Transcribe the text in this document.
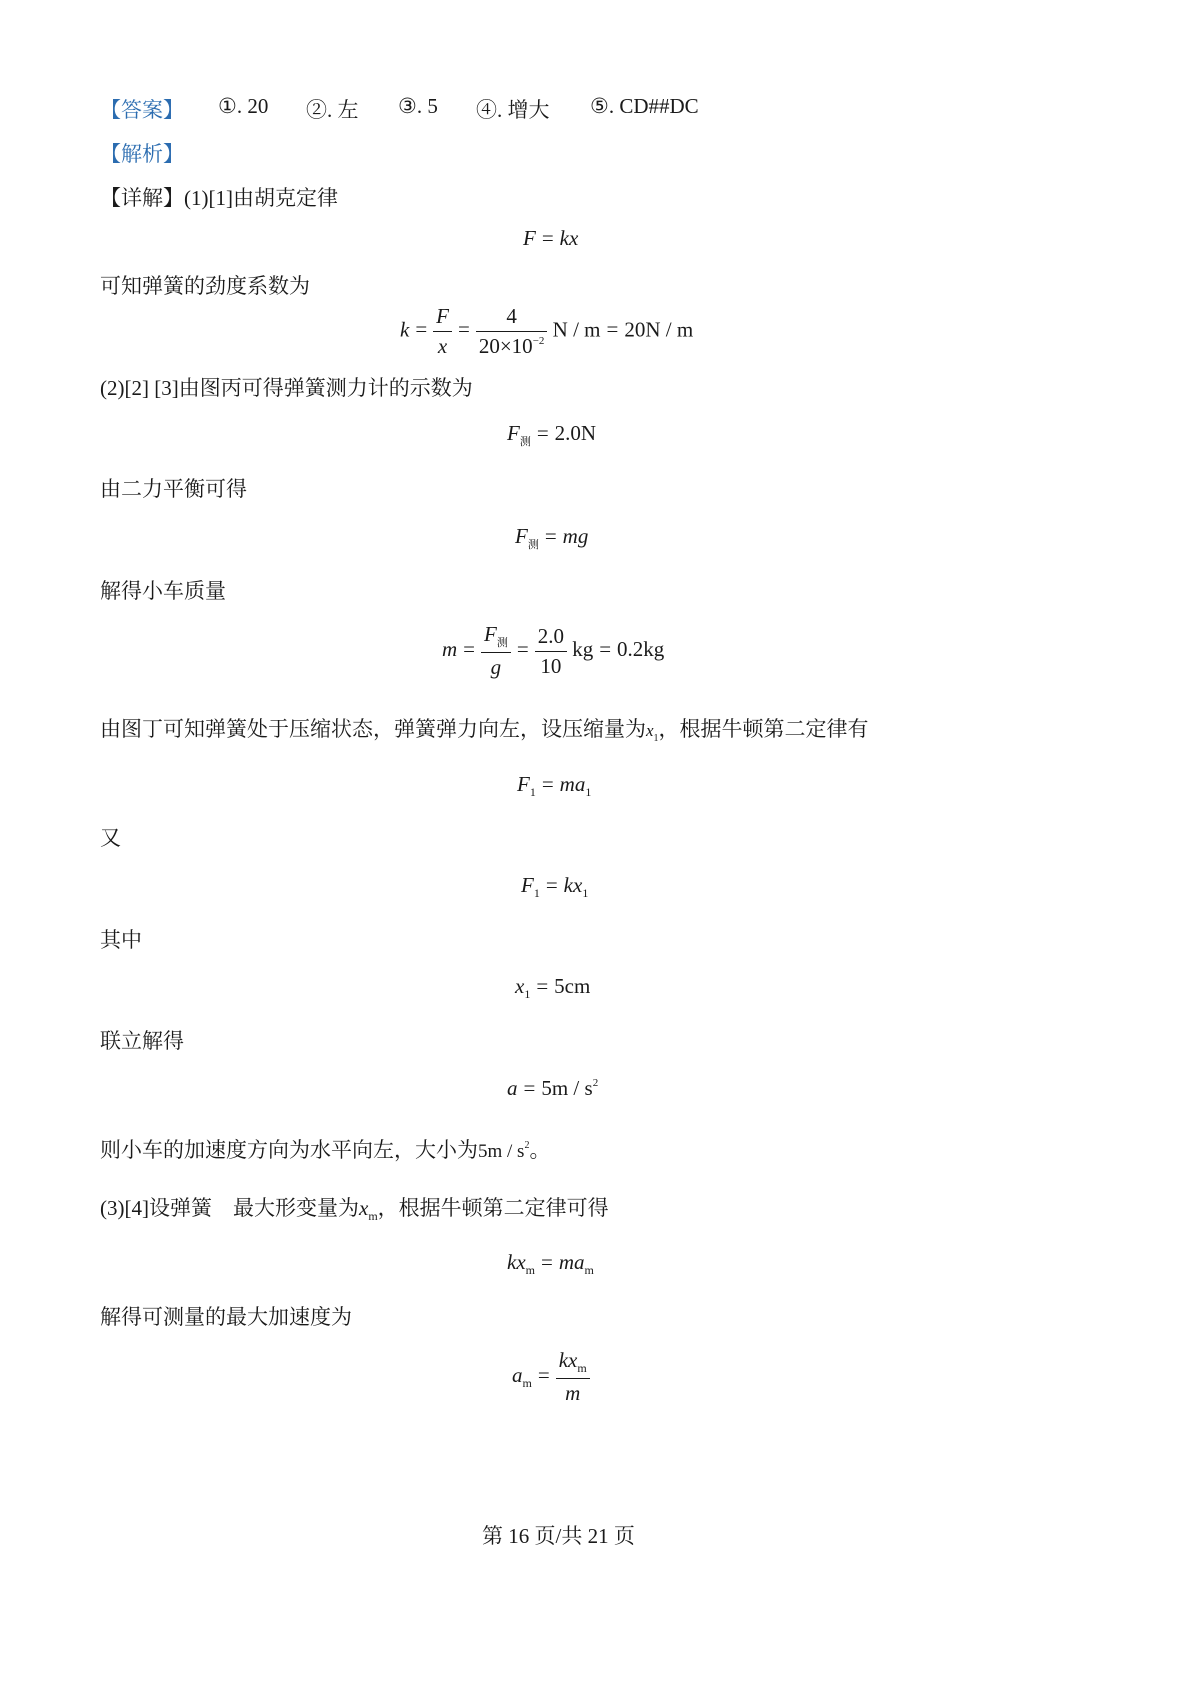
【答案】 ①. 20 ②. 左 ③. 5 ④. 增大 ⑤. CD##DC
【解析】
【详解】(1)[1]由胡克定律
F = kx
可知弹簧的劲度系数为
$k = \frac{F}{x} = \frac{4}{20\times 10^{-2}}$ N / m = 20N / m
(2)[2] [3]由图丙可得弹簧测力计的示数为
$F_测 = 2.0N$
由二力平衡可得
$F_测$ = mg
解得小车质量
$m = \frac{F_测}{g} = \frac{2.0}{10}$ kg = 0.2kg
由图丁可知弹簧处于压缩状态，弹簧弹力向左，设压缩量为$x_1$，根据牛顿第二定律有
$F_1 = ma_1$
又
$F_1 = kx_1$
其中
$x_1 = 5cm$
联立解得
$a = 5m / s^2$
则小车的加速度方向为水平向左，大小为$5m / s^2$。
(3)[4]设弹簧　最大形变量为$x_m$，根据牛顿第二定律可得
$kx_m = ma_m$
解得可测量的最大加速度为
$a_m = \frac{kx_m}{m}$
第 16 页/共 21 页
